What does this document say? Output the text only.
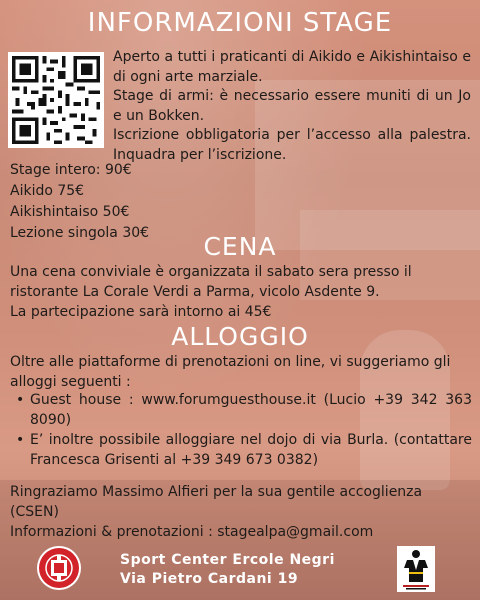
INFORMAZIONI STAGE

Aperto a tutti i praticanti di Aikido e Aikishintaiso e di ogni arte marziale.

Stage di armi: è necessario essere muniti di un Jo e un Bokken.

Iscrizione obbligatoria per l’accesso alla palestra. Inquadra per l’iscrizione.

Stage intero: 90€
Aikido 75€
Aikishintaiso 50€
Lezione singola 30€	CENA

Una cena conviviale è organizzata il sabato sera presso il ristorante La Corale Verdi a Parma, vicolo Asdente 9.

La partecipazione sarà intorno ai 45€

ALLOGGIO

Oltre alle piattaforme di prenotazioni on line, vi suggeriamo gli alloggi seguenti :

• Guest house : www.forumguesthouse.it (Lucio +39 342 363 8090)
• E’ inoltre possibile alloggiare nel dojo di via Burla. (contattare Francesca Grisenti al +39 349 673 0382)

Ringraziamo Massimo Alfieri per la sua gentile accoglienza (CSEN)

Informazioni & prenotazioni : stagealpa@gmail.com

Sport Center Ercole Negri
Via Pietro Cardani 19
